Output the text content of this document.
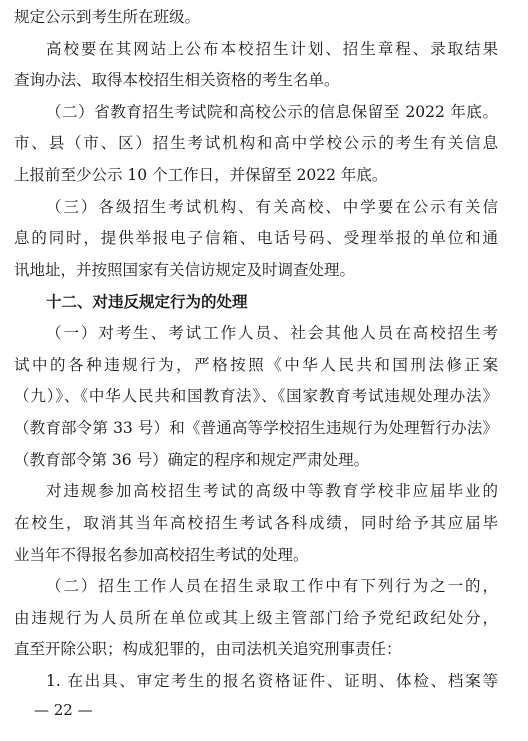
规定公示到考生所在班级。
高校要在其网站上公布本校招生计划、招生章程、录取结果
查询办法、取得本校招生相关资格的考生名单。
（二）省教育招生考试院和高校公示的信息保留至 2022 年底。
市、县（市、区）招生考试机构和高中学校公示的考生有关信息
上报前至少公示 10 个工作日，并保留至 2022 年底。
（三）各级招生考试机构、有关高校、中学要在公示有关信
息的同时，提供举报电子信箱、电话号码、受理举报的单位和通
讯地址，并按照国家有关信访规定及时调查处理。
十二、对违反规定行为的处理
（一）对考生、考试工作人员、社会其他人员在高校招生考
试中的各种违规行为，严格按照《中华人民共和国刑法修正案
（九）》、《中华人民共和国教育法》、《国家教育考试违规处理办法》
（教育部令第 33 号）和《普通高等学校招生违规行为处理暂行办法》
（教育部令第 36 号）确定的程序和规定严肃处理。
对违规参加高校招生考试的高级中等教育学校非应届毕业的
在校生，取消其当年高校招生考试各科成绩，同时给予其应届毕
业当年不得报名参加高校招生考试的处理。
（二）招生工作人员在招生录取工作中有下列行为之一的，
由违规行为人员所在单位或其上级主管部门给予党纪政纪处分，
直至开除公职；构成犯罪的，由司法机关追究刑事责任：
1. 在出具、审定考生的报名资格证件、证明、体检、档案等
— 22 —
